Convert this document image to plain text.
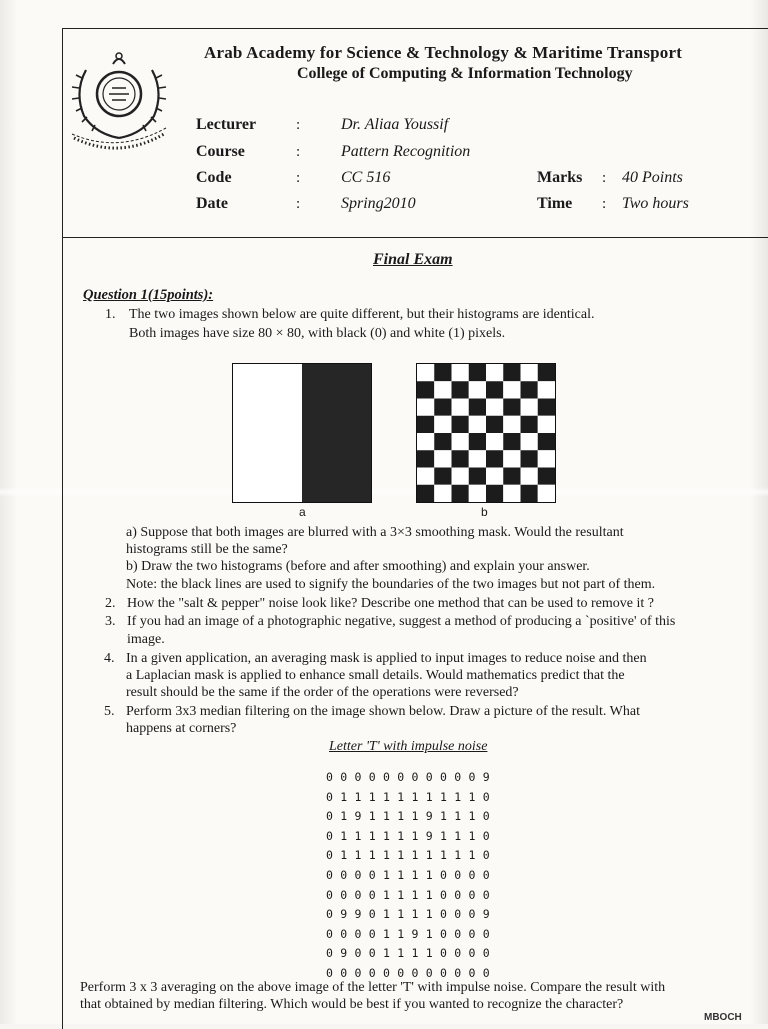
Arab Academy for Science & Technology & Maritime Transport
College of Computing & Information Technology
Lecturer	:	Dr. Aliaa Youssif
Course	:	Pattern Recognition
Code	:	CC 516
Date	:	Spring2010
Marks : 40 Points
Time : Two hours
Final Exam
Question 1(15points):
1. The two images shown below are quite different, but their histograms are identical.
Both images have size 80 × 80, with black (0) and white (1) pixels.
a	b
a) Suppose that both images are blurred with a 3×3 smoothing mask. Would the resultant
histograms still be the same?
b) Draw the two histograms (before and after smoothing) and explain your answer.
Note: the black lines are used to signify the boundaries of the two images but not part of them.
2. How the "salt & pepper" noise look like? Describe one method that can be used to remove it ?
3. If you had an image of a photographic negative, suggest a method of producing a `positive' of this
image.
4. In a given application, an averaging mask is applied to input images to reduce noise and then
a Laplacian mask is applied to enhance small details. Would mathematics predict that the
result should be the same if the order of the operations were reversed?
5. Perform 3x3 median filtering on the image shown below. Draw a picture of the result. What
happens at corners?
Letter 'T' with impulse noise
0 0 0 0 0 0 0 0 0 0 0 9
0 1 1 1 1 1 1 1 1 1 1 0
0 1 9 1 1 1 1 9 1 1 1 0
0 1 1 1 1 1 1 9 1 1 1 0
0 1 1 1 1 1 1 1 1 1 1 0
0 0 0 0 1 1 1 1 0 0 0 0
0 0 0 0 1 1 1 1 0 0 0 0
0 9 9 0 1 1 1 1 0 0 0 9
0 0 0 0 1 1 9 1 0 0 0 0
0 9 0 0 1 1 1 1 0 0 0 0
0 0 0 0 0 0 0 0 0 0 0 0
Perform 3 x 3 averaging on the above image of the letter 'T' with impulse noise. Compare the result with
that obtained by median filtering. Which would be best if you wanted to recognize the character?
MBOCH
